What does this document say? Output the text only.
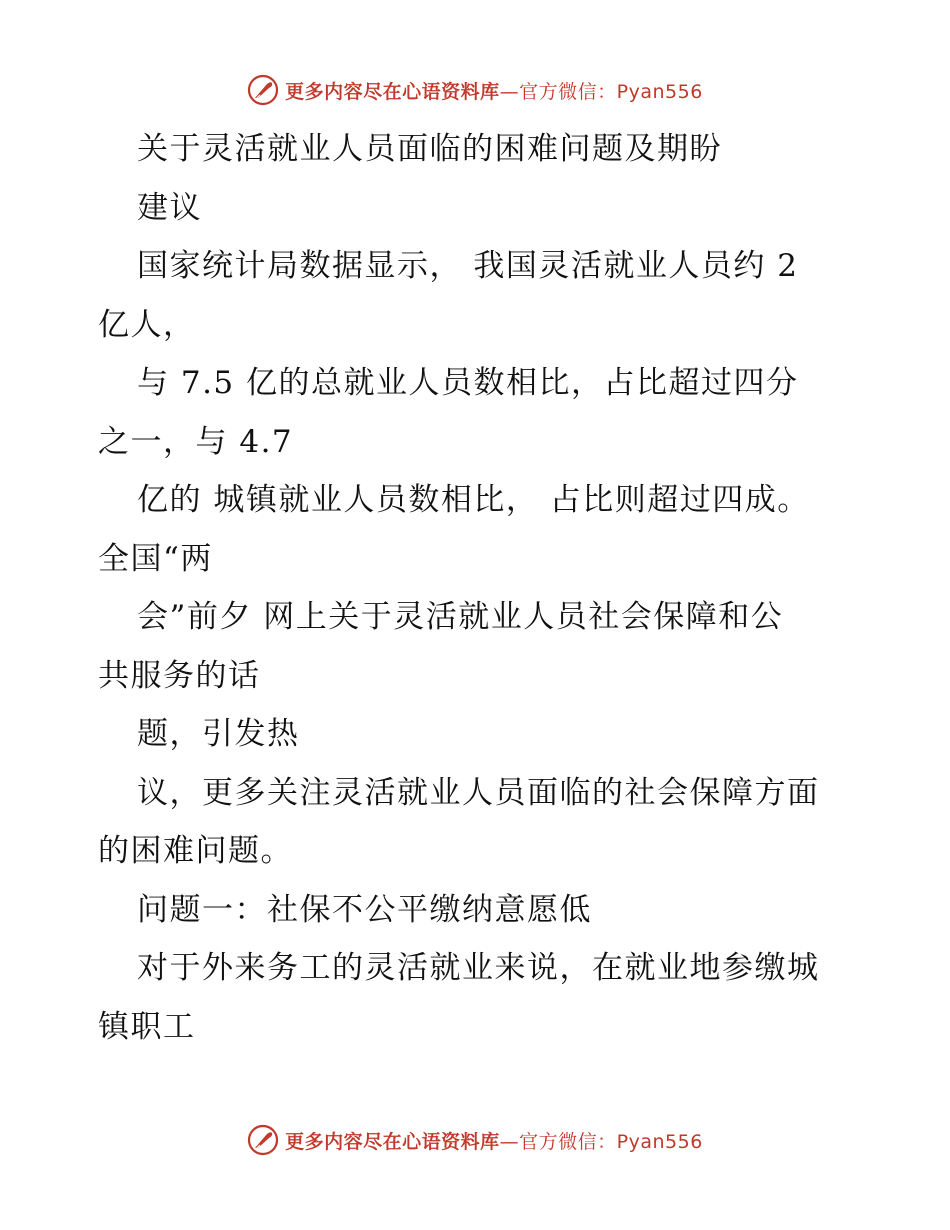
更多内容尽在心语资料库—官方微信：Pyan556
关于灵活就业人员面临的困难问题及期盼
建议
国家统计局数据显示， 我国灵活就业人员约 2
亿人，
与 7.5 亿的总就业人员数相比，占比超过四分
之一，与 4.7
亿的 城镇就业人员数相比， 占比则超过四成。
全国“两
会”前夕 网上关于灵活就业人员社会保障和公
共服务的话
题，引发热
议，更多关注灵活就业人员面临的社会保障方面
的困难问题。
问题一：社保不公平缴纳意愿低
对于外来务工的灵活就业来说，在就业地参缴城
镇职工
更多内容尽在心语资料库—官方微信：Pyan556
